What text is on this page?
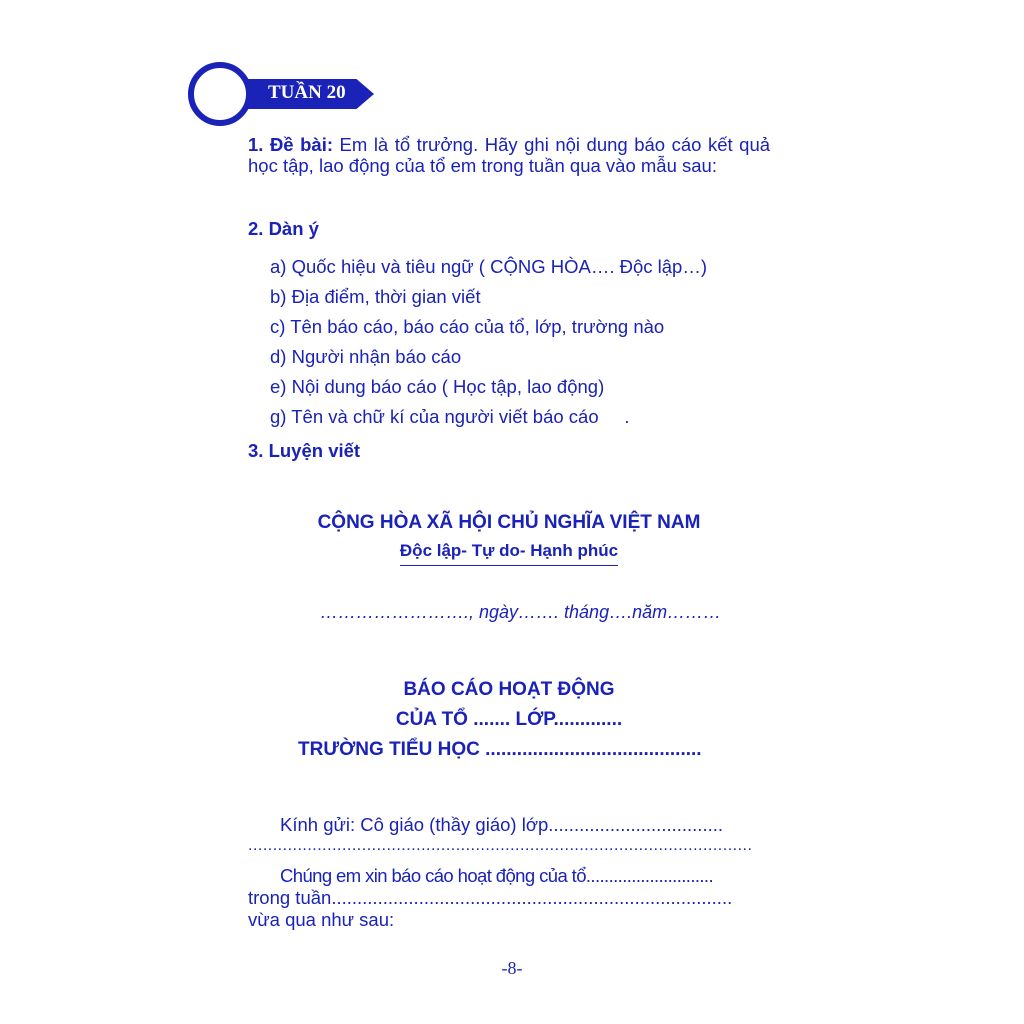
TUẦN 20
1. Đề bài: Em là tổ trưởng. Hãy ghi nội dung báo cáo kết quả học tập, lao động của tổ em trong tuần qua vào mẫu sau:
2. Dàn ý
a) Quốc hiệu và tiêu ngữ ( CỘNG HÒA…. Độc lập…)
b) Địa điểm, thời gian viết
c) Tên báo cáo, báo cáo của tổ, lớp, trường nào
d) Người nhận báo cáo
e) Nội dung báo cáo ( Học tập, lao động)
g) Tên và chữ kí của người viết báo cáo     .
3. Luyện viết
CỘNG HÒA XÃ HỘI CHỦ NGHĨA VIỆT NAM
Độc lập- Tự do- Hạnh phúc
……………………., ngày……. tháng….năm………
BÁO CÁO HOẠT ĐỘNG
CỦA TỔ ....... LỚP.............
TRƯỜNG TIỂU HỌC .........................................
Kính gửi: Cô giáo (thầy giáo) lớp..................................
......................................................................................................
Chúng em xin báo cáo hoạt động của tổ............................
trong tuần..............................................................................
vừa qua như sau:
-8-
